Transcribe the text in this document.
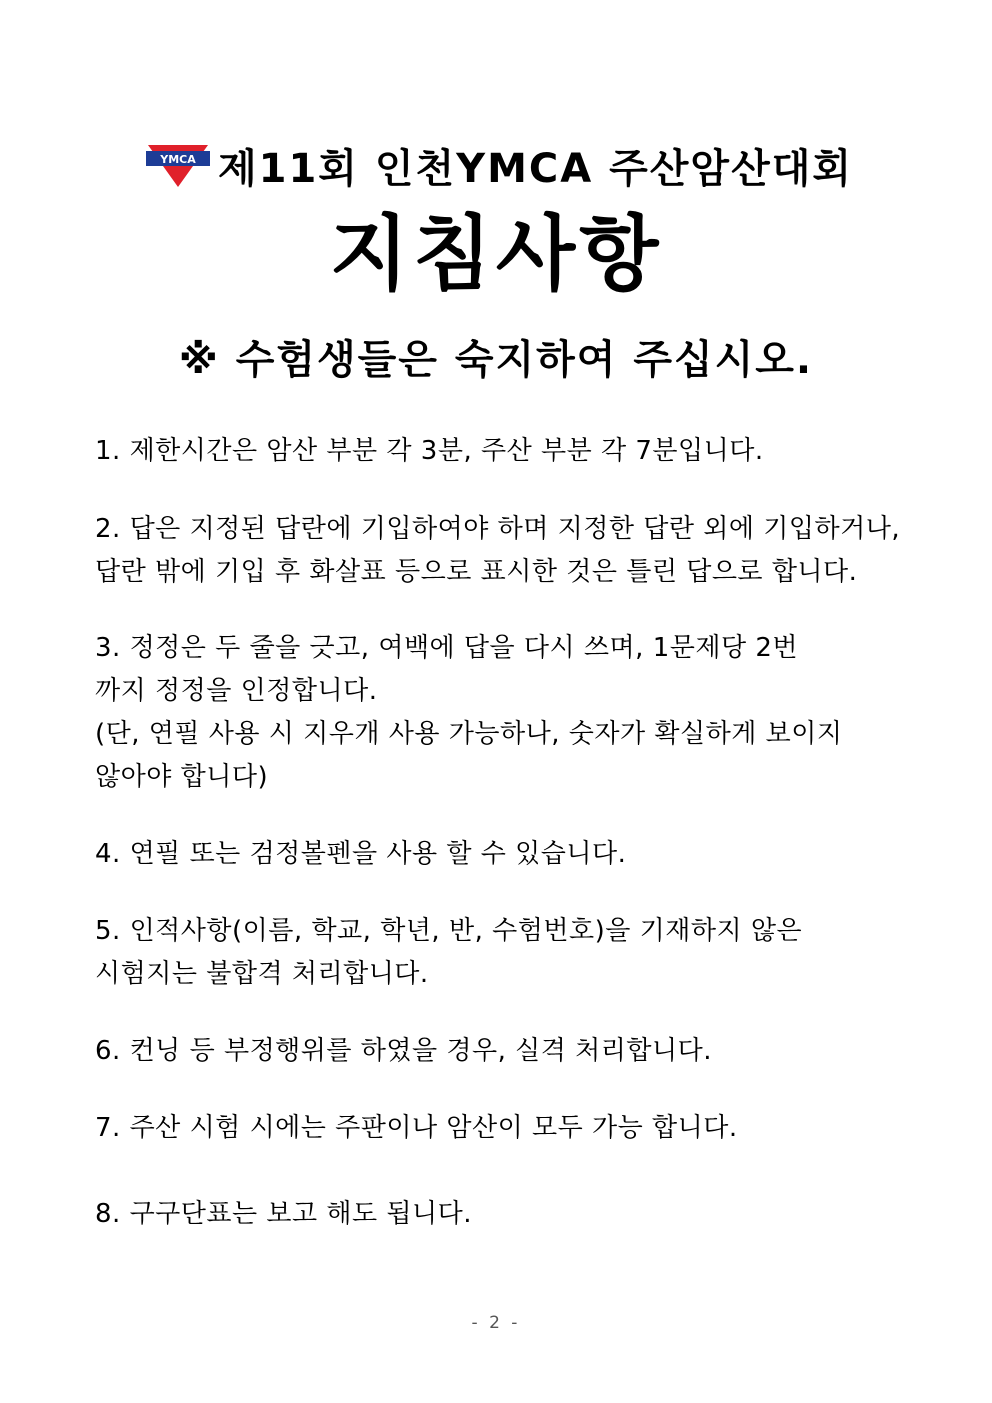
YMCA 제11회 인천YMCA 주산암산대회
지침사항
※ 수험생들은 숙지하여 주십시오.
1. 제한시간은 암산 부분 각 3분, 주산 부분 각 7분입니다.
2. 답은 지정된 답란에 기입하여야 하며 지정한 답란 외에 기입하거나,
답란 밖에 기입 후 화살표 등으로 표시한 것은 틀린 답으로 합니다.
3. 정정은 두 줄을 긋고, 여백에 답을 다시 쓰며, 1문제당 2번
까지 정정을 인정합니다.
(단, 연필 사용 시 지우개 사용 가능하나, 숫자가 확실하게 보이지
않아야 합니다)
4. 연필 또는 검정볼펜을 사용 할 수 있습니다.
5. 인적사항(이름, 학교, 학년, 반, 수험번호)을 기재하지 않은
시험지는 불합격 처리합니다.
6. 컨닝 등 부정행위를 하였을 경우, 실격 처리합니다.
7. 주산 시험 시에는 주판이나 암산이 모두 가능 합니다.
8. 구구단표는 보고 해도 됩니다.
- 2 -
